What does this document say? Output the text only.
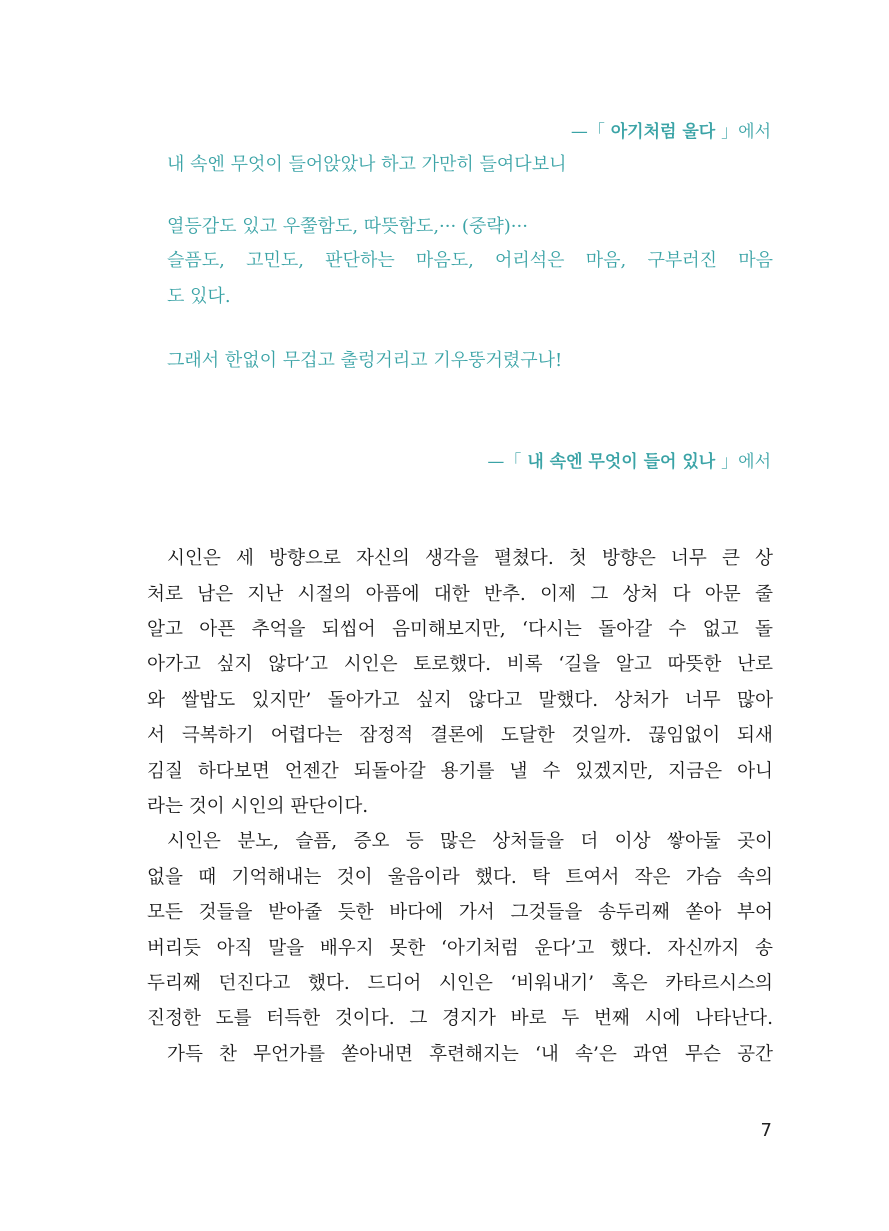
—「 아기처럼 울다 」에서
내 속엔 무엇이 들어앉았나 하고 가만히 들여다보니
열등감도 있고 우쭐함도, 따뜻함도,··· (중략)···
슬픔도, 고민도, 판단하는 마음도, 어리석은 마음, 구부러진 마음
도 있다.
그래서 한없이 무겁고 출렁거리고 기우뚱거렸구나!
—「 내 속엔 무엇이 들어 있나 」에서
시인은 세 방향으로 자신의 생각을 펼쳤다. 첫 방향은 너무 큰 상
처로 남은 지난 시절의 아픔에 대한 반추. 이제 그 상처 다 아문 줄
알고 아픈 추억을 되씹어 음미해보지만, ‘다시는 돌아갈 수 없고 돌
아가고 싶지 않다’고 시인은 토로했다. 비록 ‘길을 알고 따뜻한 난로
와 쌀밥도 있지만’ 돌아가고 싶지 않다고 말했다. 상처가 너무 많아
서 극복하기 어렵다는 잠정적 결론에 도달한 것일까. 끊임없이 되새
김질 하다보면 언젠간 되돌아갈 용기를 낼 수 있겠지만, 지금은 아니
라는 것이 시인의 판단이다.
시인은 분노, 슬픔, 증오 등 많은 상처들을 더 이상 쌓아둘 곳이
없을 때 기억해내는 것이 울음이라 했다. 탁 트여서 작은 가슴 속의
모든 것들을 받아줄 듯한 바다에 가서 그것들을 송두리째 쏟아 부어
버리듯 아직 말을 배우지 못한 ‘아기처럼 운다’고 했다. 자신까지 송
두리째 던진다고 했다. 드디어 시인은 ‘비워내기’ 혹은 카타르시스의
진정한 도를 터득한 것이다. 그 경지가 바로 두 번째 시에 나타난다.
가득 찬 무언가를 쏟아내면 후련해지는 ‘내 속’은 과연 무슨 공간
7
